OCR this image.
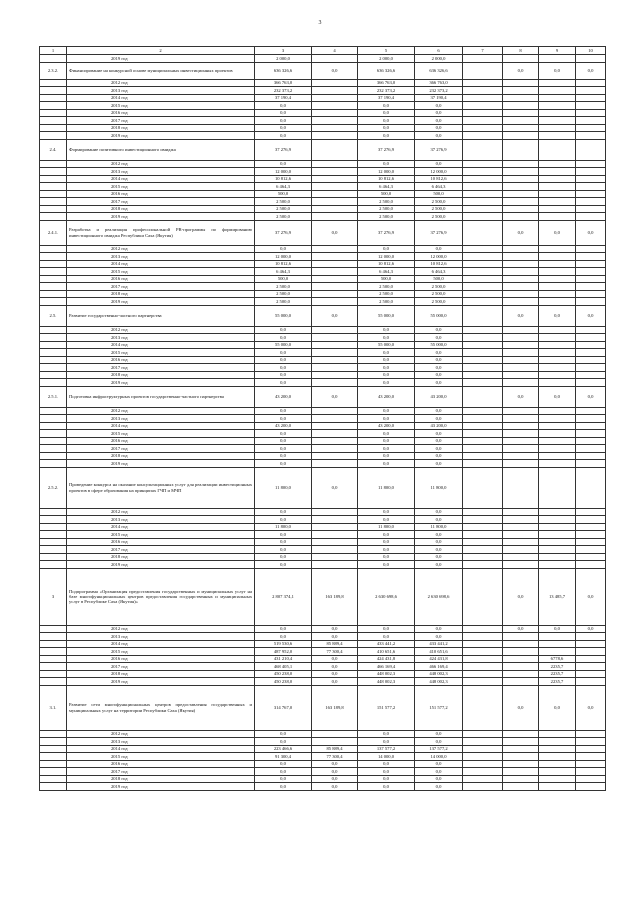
3
1	2	3	4	5	6	7	8	9	10
	2019 год	2 000,0		2 000,0	2 000,0				
2.3.2.	Финансирование на конкурсной основе муниципальных инвестиционных проектов	636 326,6	0,0	636 326,6	636 326,6		0,0	0,0	0,0
	2012 год	366 763,0		366 763,0	366 763,0				
	2013 год	232 373,2		232 373,2	232 373,2				
	2014 год	37 190,4		37 190,4	37 190,4				
	2015 год	0,0		0,0	0,0				
	2016 год	0,0		0,0	0,0				
	2017 год	0,0		0,0	0,0				
	2018 год	0,0		0,0	0,0				
	2019 год	0,0		0,0	0,0				
2.4.	Формирование позитивного инвестиционного имиджа	37 276,9		37 276,9	37 276,9				
	2012 год	0,0		0,0	0,0				
	2013 год	12 000,0		12 000,0	12 000,0				
	2014 год	10 812,6		10 812,6	10 812,6				
	2015 год	6 464,3		6 464,3	6 464,3				
	2016 год	500,0		500,0	500,0				
	2017 год	2 500,0		2 500,0	2 500,0				
	2018 год	2 500,0		2 500,0	2 500,0				
	2019 год	2 500,0		2 500,0	2 500,0				
2.4.1.	Разработка и реализация профессиональной PR-программы по формированию инвестиционного имиджа Республики Саха (Якутия)	37 276,9	0,0	37 276,9	37 276,9		0,0	0,0	0,0
	2012 год	0,0		0,0	0,0				
	2013 год	12 000,0		12 000,0	12 000,0				
	2014 год	10 812,6		10 812,6	10 812,6				
	2015 год	6 464,3		6 464,3	6 464,3				
	2016 год	500,0		500,0	500,0				
	2017 год	2 500,0		2 500,0	2 500,0				
	2018 год	2 500,0		2 500,0	2 500,0				
	2019 год	2 500,0		2 500,0	2 500,0				
2.5.	Развитие государственно-частного партнерства	55 000,0	0,0	55 000,0	55 000,0		0,0	0,0	0,0
	2012 год	0,0		0,0	0,0				
	2013 год	0,0		0,0	0,0				
	2014 год	55 000,0		55 000,0	55 000,0				
	2015 год	0,0		0,0	0,0				
	2016 год	0,0		0,0	0,0				
	2017 год	0,0		0,0	0,0				
	2018 год	0,0		0,0	0,0				
	2019 год	0,0		0,0	0,0				
2.5.1.	Подготовка инфраструктурных проектов государственно-частного партнерства	43 200,0	0,0	43 200,0	43 200,0		0,0	0,0	0,0
	2012 год	0,0		0,0	0,0				
	2013 год	0,0		0,0	0,0				
	2014 год	43 200,0		43 200,0	43 200,0				
	2015 год	0,0		0,0	0,0				
	2016 год	0,0		0,0	0,0				
	2017 год	0,0		0,0	0,0				
	2018 год	0,0		0,0	0,0				
	2019 год	0,0		0,0	0,0				
2.5.2.	Проведение конкурса на оказание консультационных услуг для реализации инвестиционных проектов в сфере образования на принципах ГЧП и МЧП	11 800,0	0,0	11 800,0	11 800,0				
	2012 год	0,0		0,0	0,0				
	2013 год	0,0		0,0	0,0				
	2014 год	11 800,0		11 800,0	11 800,0				
	2015 год	0,0		0,0	0,0				
	2016 год	0,0		0,0	0,0				
	2017 год	0,0		0,0	0,0				
	2018 год	0,0		0,0	0,0				
	2019 год	0,0		0,0	0,0				
3	Подпрограмма «Организация предоставления государственных и муниципальных услуг на базе многофункциональных центров предоставления государственных и муниципальных услуг в Республике Саха (Якутия)»	2 807 374,1	163 189,8	2 630 698,6	2 630 698,6		0,0	13 485,7	0,0
	2012 год	0,0	0,0	0,0	0,0		0,0	0,0	0,0
	2013 год	0,0	0,0	0,0	0,0				
	2014 год	519 530,6	85 889,4	433 441,2	433 441,2				
	2015 год	487 952,0	77 300,4	410 651,6	410 651,6				
	2016 год	431 210,4	0,0	424 431,8	424 431,8			6778,6	
	2017 год	468 405,1	0,0	466 169,4	466 169,4			2235,7	
	2018 год	450 238,0	0,0	448 002,3	448 002,3			2235,7	
	2019 год	450 238,0	0,0	448 002,3	448 002,3			2235,7	
3.1.	Развитие сети многофункциональных центров предоставления государственных и муниципальных услуг на территории Республики Саха (Якутия)	314 767,0	163 189,8	151 577,2	151 577,2		0,0	0,0	0,0
	2012 год	0,0		0,0	0,0				
	2013 год	0,0		0,0	0,0				
	2014 год	223 466,6	85 889,4	137 577,2	137 577,2				
	2015 год	91 300,4	77 300,4	14 000,0	14 000,0				
	2016 год	0,0	0,0	0,0	0,0				
	2017 год	0,0	0,0	0,0	0,0				
	2018 год	0,0	0,0	0,0	0,0				
	2019 год	0,0	0,0	0,0	0,0				
